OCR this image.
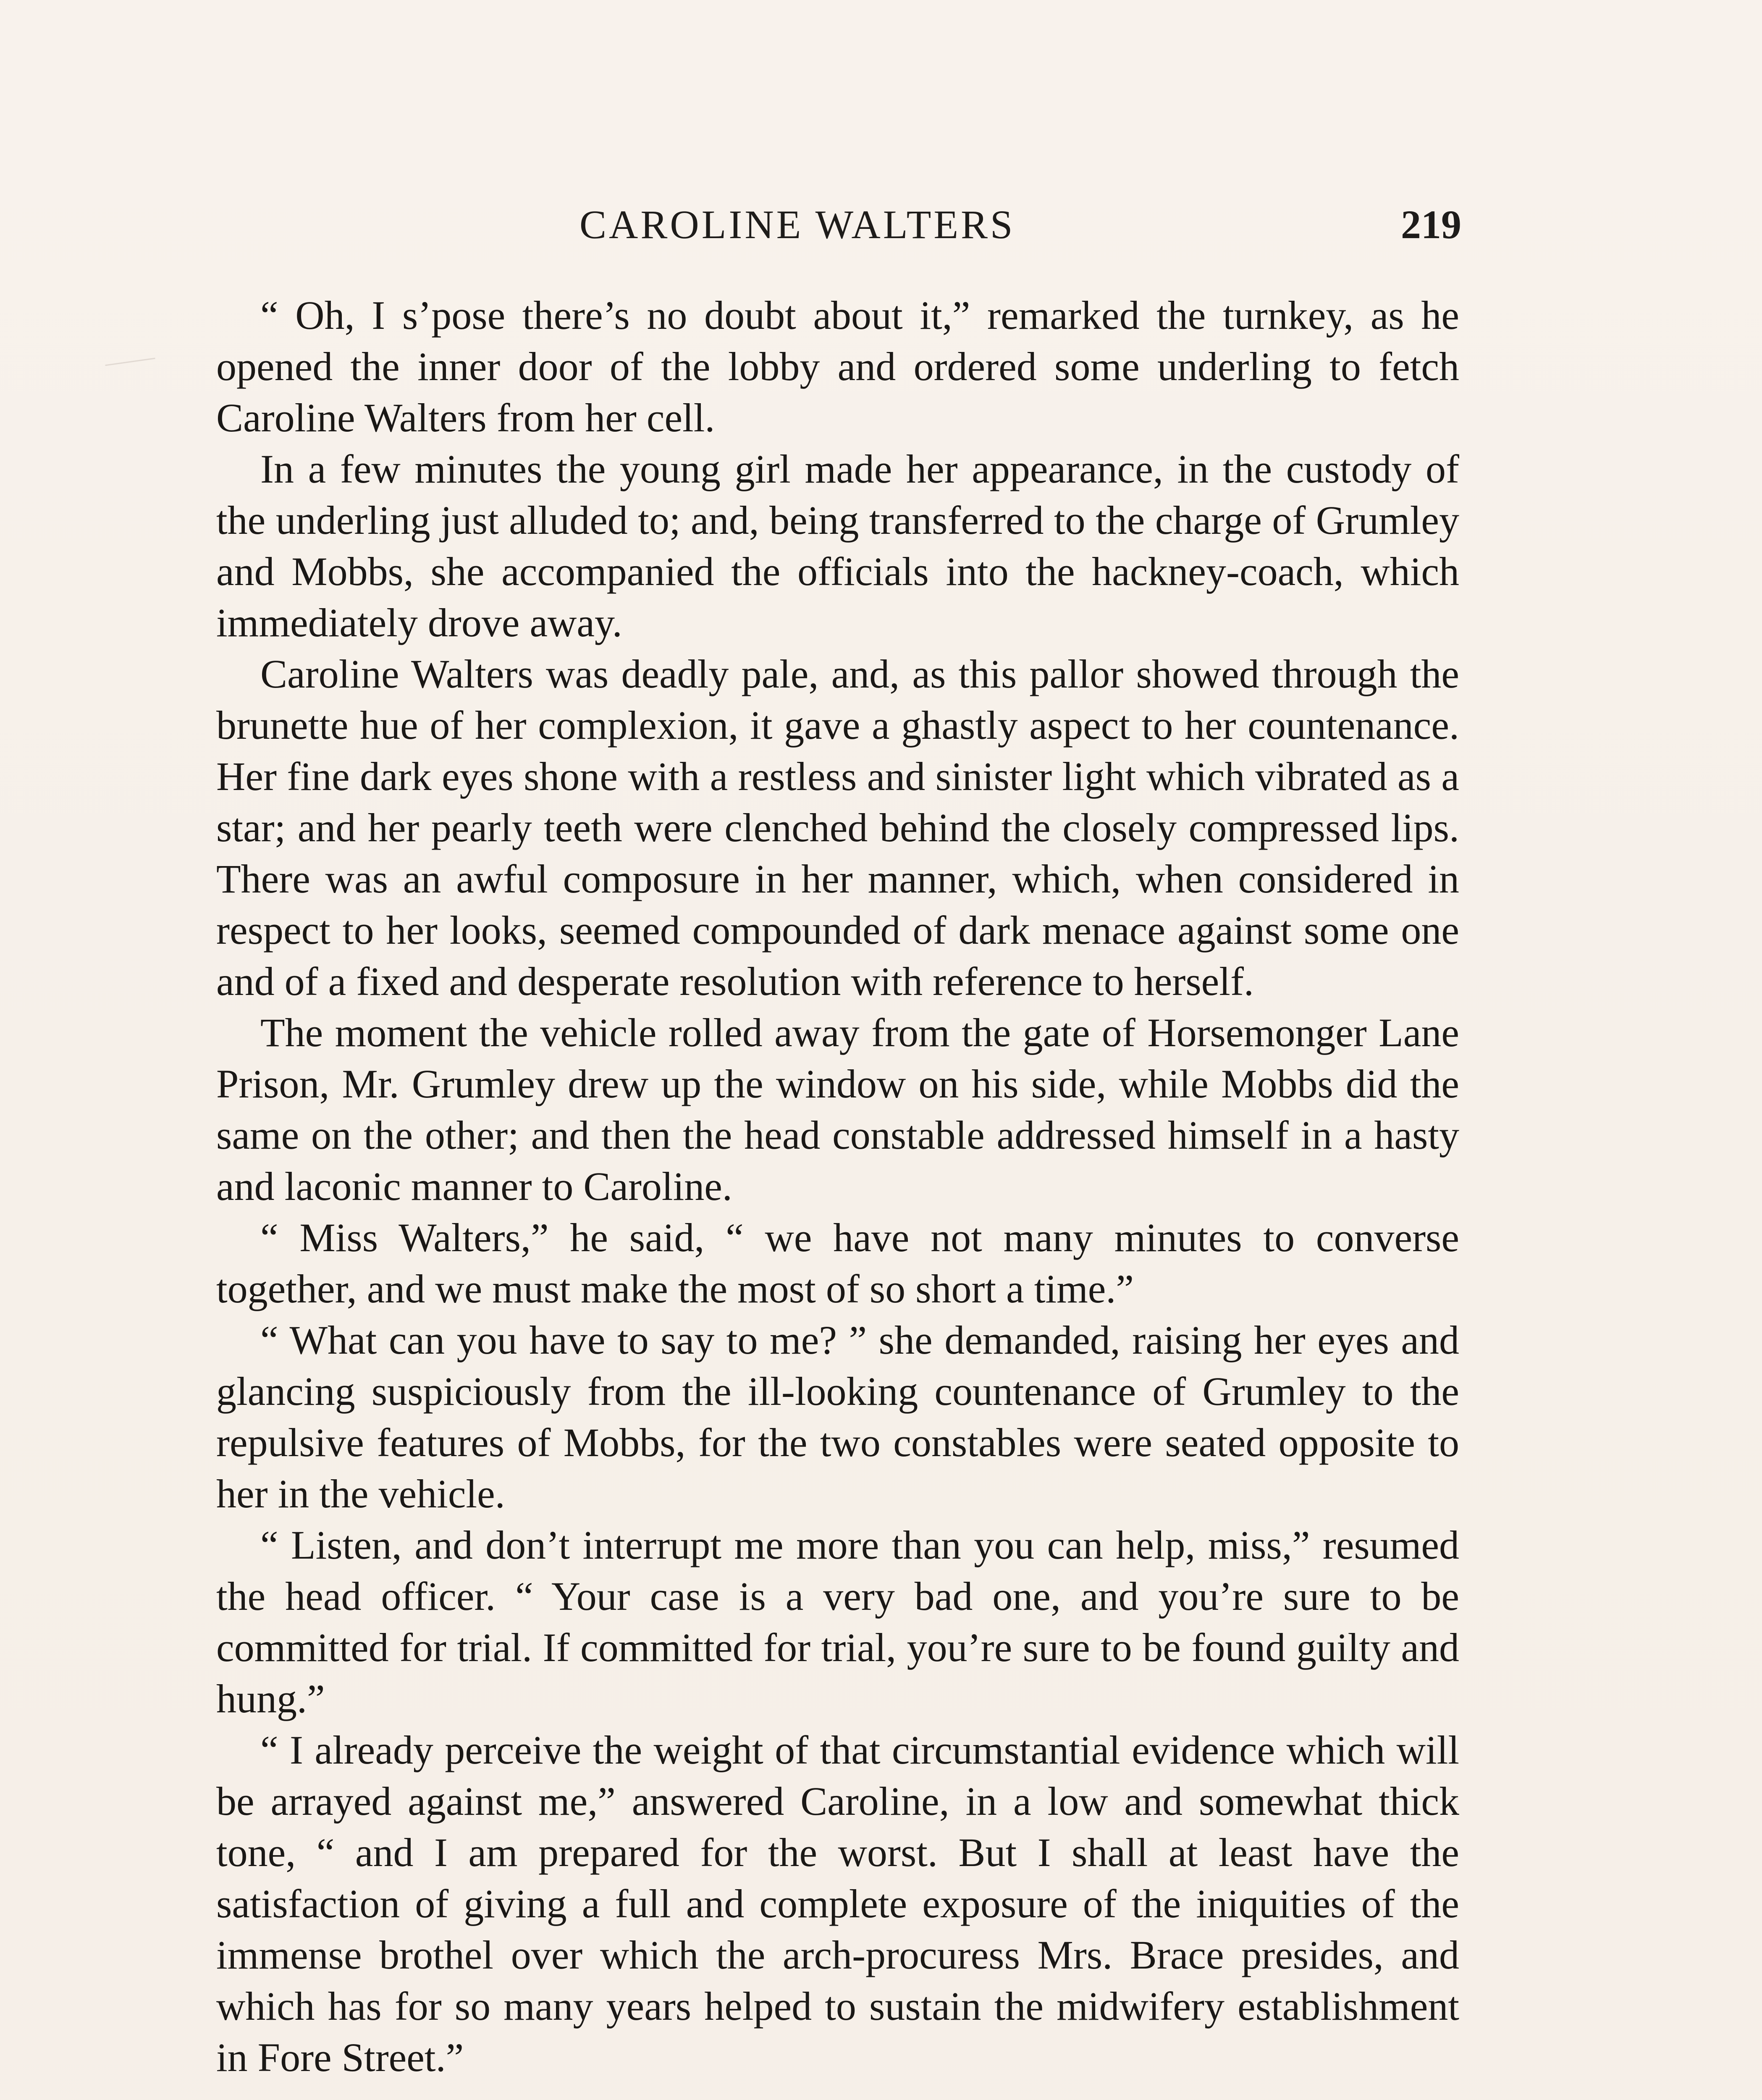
CAROLINE WALTERS	219

“ Oh, I s’pose there’s no doubt about it,” remarked the turnkey, as he opened the inner door of the lobby and ordered some underling to fetch Caroline Walters from her cell.

In a few minutes the young girl made her appearance, in the custody of the underling just alluded to; and, being transferred to the charge of Grumley and Mobbs, she accompanied the officials into the hackney-coach, which immediately drove away.

Caroline Walters was deadly pale, and, as this pallor showed through the brunette hue of her complexion, it gave a ghastly aspect to her countenance. Her fine dark eyes shone with a restless and sinister light which vibrated as a star; and her pearly teeth were clenched behind the closely compressed lips. There was an awful composure in her manner, which, when considered in respect to her looks, seemed compounded of dark menace against some one and of a fixed and desperate resolution with reference to herself.

The moment the vehicle rolled away from the gate of Horsemonger Lane Prison, Mr. Grumley drew up the window on his side, while Mobbs did the same on the other; and then the head constable addressed himself in a hasty and laconic manner to Caroline.

“ Miss Walters,” he said, “ we have not many minutes to converse together, and we must make the most of so short a time.”

“ What can you have to say to me? ” she demanded, raising her eyes and glancing suspiciously from the ill-looking countenance of Grumley to the repulsive features of Mobbs, for the two constables were seated opposite to her in the vehicle.

“ Listen, and don’t interrupt me more than you can help, miss,” resumed the head officer. “ Your case is a very bad one, and you’re sure to be committed for trial. If committed for trial, you’re sure to be found guilty and hung.”

“ I already perceive the weight of that circumstantial evidence which will be arrayed against me,” answered Caroline, in a low and somewhat thick tone, “ and I am prepared for the worst. But I shall at least have the satisfaction of giving a full and complete exposure of the iniquities of the immense brothel over which the arch-procuress Mrs. Brace presides, and which has for so many years helped to sustain the midwifery establishment in Fore Street.”
